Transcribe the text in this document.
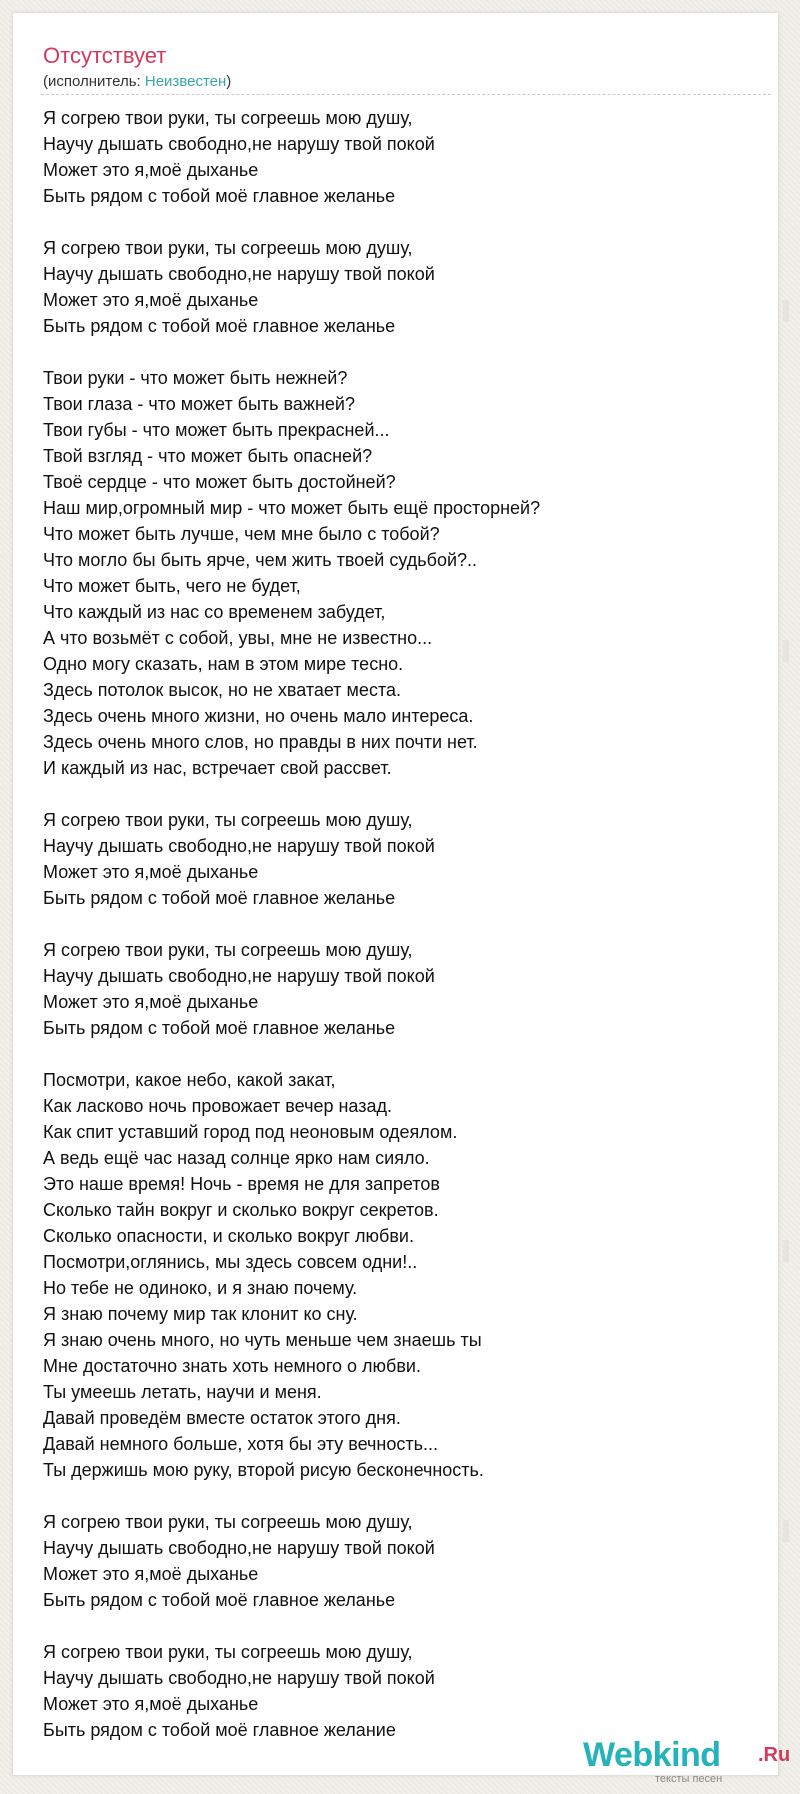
Отсутствует
(исполнитель: Неизвестен)
Я согрею твои руки, ты согреешь мою душу,
Научу дышать свободно,не нарушу твой покой
Может это я,моё дыханье
Быть рядом с тобой моё главное желанье
Я согрею твои руки, ты согреешь мою душу,
Научу дышать свободно,не нарушу твой покой
Может это я,моё дыханье
Быть рядом с тобой моё главное желанье
Твои руки - что может быть нежней?
Твои глаза - что может быть важней?
Твои губы - что может быть прекрасней...
Твой взгляд - что может быть опасней?
Твоё сердце - что может быть достойней?
Наш мир,огромный мир - что может быть ещё просторней?
Что может быть лучше, чем мне было с тобой?
Что могло бы быть ярче, чем жить твоей судьбой?..
Что может быть, чего не будет,
Что каждый из нас со временем забудет,
А что возьмёт с собой, увы, мне не известно...
Одно могу сказать, нам в этом мире тесно.
Здесь потолок высок, но не хватает места.
Здесь очень много жизни, но очень мало интереса.
Здесь очень много слов, но правды в них почти нет.
И каждый из нас, встречает свой рассвет.
Я согрею твои руки, ты согреешь мою душу,
Научу дышать свободно,не нарушу твой покой
Может это я,моё дыханье
Быть рядом с тобой моё главное желанье
Я согрею твои руки, ты согреешь мою душу,
Научу дышать свободно,не нарушу твой покой
Может это я,моё дыханье
Быть рядом с тобой моё главное желанье
Посмотри, какое небо, какой закат,
Как ласково ночь провожает вечер назад.
Как спит уставший город под неоновым одеялом.
А ведь ещё час назад солнце ярко нам сияло.
Это наше время! Ночь - время не для запретов
Сколько тайн вокруг и сколько вокруг секретов.
Сколько опасности, и сколько вокруг любви.
Посмотри,оглянись, мы здесь совсем одни!..
Но тебе не одиноко, и я знаю почему.
Я знаю почему мир так клонит ко сну.
Я знаю очень много, но чуть меньше чем знаешь ты
Мне достаточно знать хоть немного о любви.
Ты умеешь летать, научи и меня.
Давай проведём вместе остаток этого дня.
Давай немного больше, хотя бы эту вечность...
Ты держишь мою руку, второй рисую бесконечность.
Я согрею твои руки, ты согреешь мою душу,
Научу дышать свободно,не нарушу твой покой
Может это я,моё дыханье
Быть рядом с тобой моё главное желанье
Я согрею твои руки, ты согреешь мою душу,
Научу дышать свободно,не нарушу твой покой
Может это я,моё дыханье
Быть рядом с тобой моё главное желание
Webkind .Ru
тексты песен
